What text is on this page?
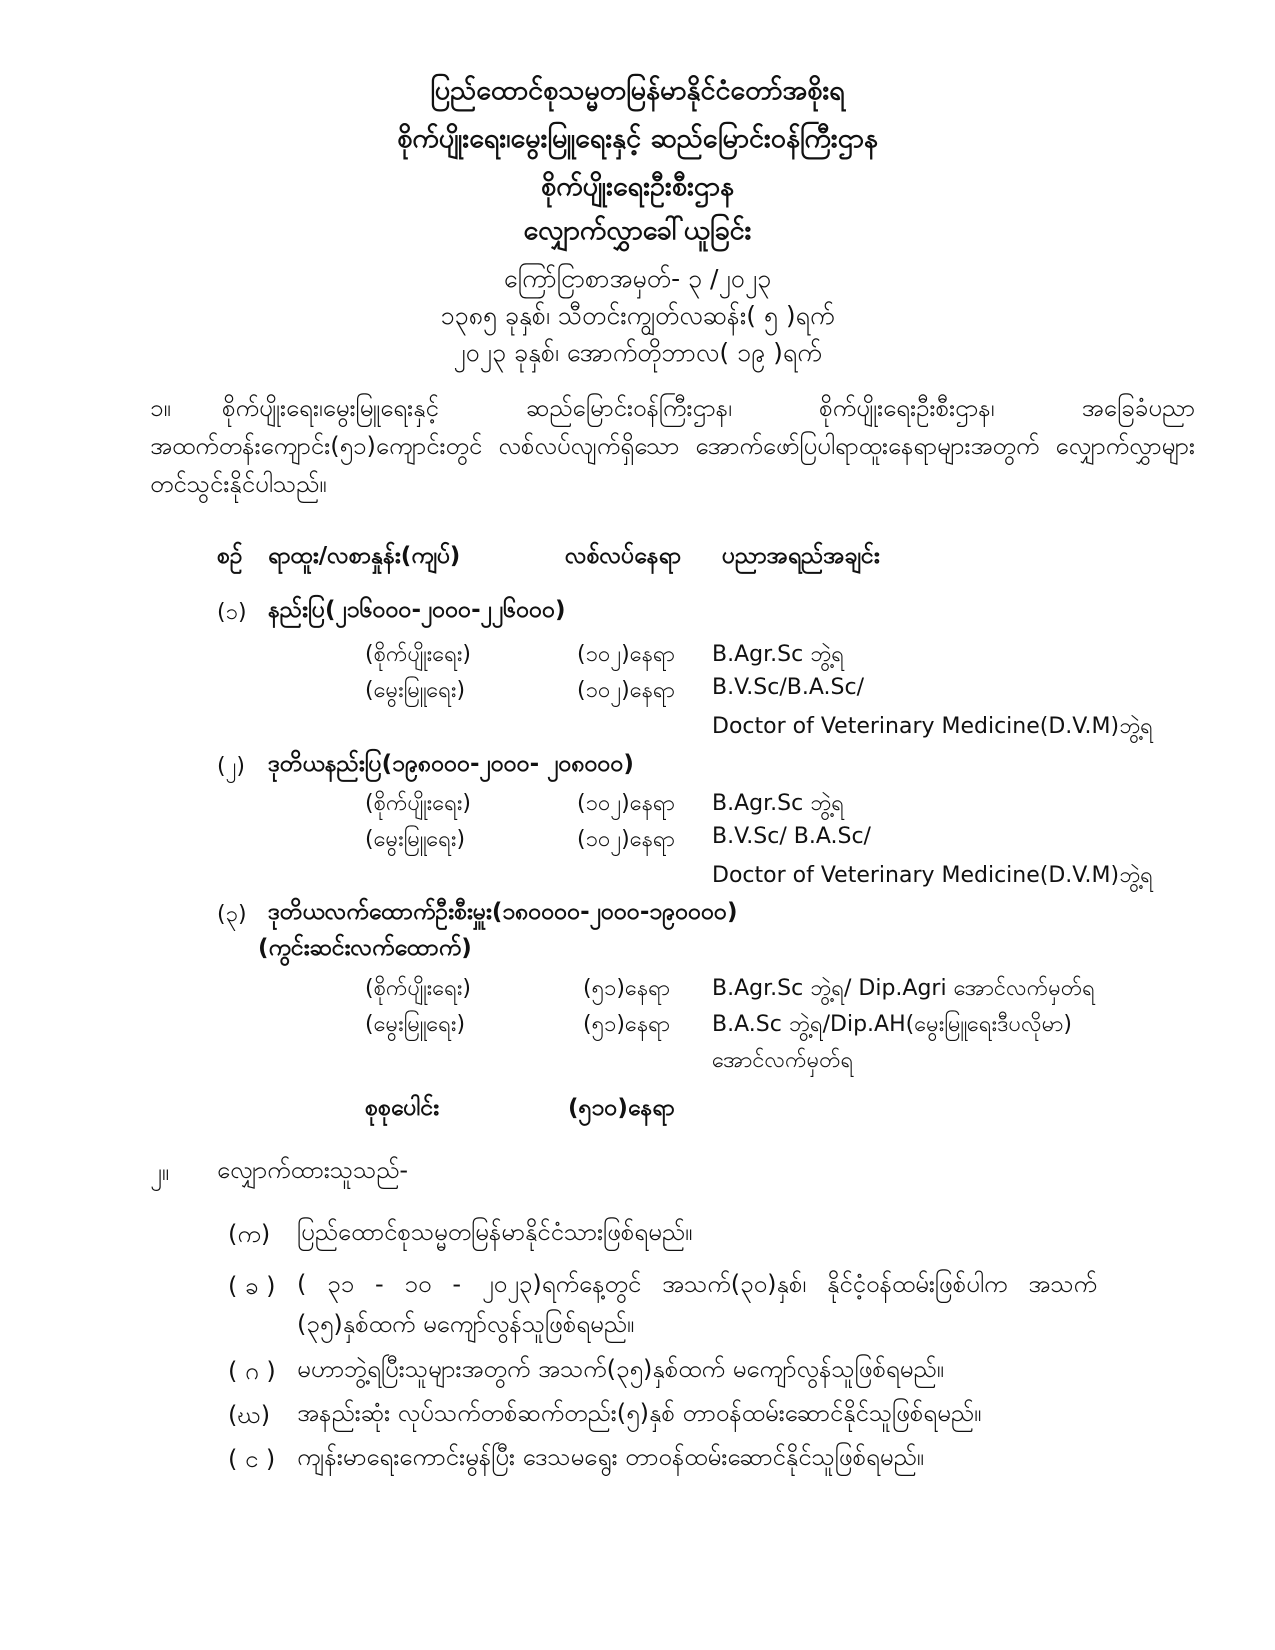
ပြည်ထောင်စုသမ္မတမြန်မာနိုင်ငံတော်အစိုးရ
စိုက်ပျိုးရေး၊မွေးမြူရေးနှင့် ဆည်မြောင်းဝန်ကြီးဌာန
စိုက်ပျိုးရေးဦးစီးဌာန
လျှောက်လွှာခေါ်ယူခြင်း
ကြော်ငြာစာအမှတ်- ၃ /၂၀၂၃
၁၃၈၅ ခုနှစ်၊ သီတင်းကျွတ်လဆန်း( ၅ )ရက်
၂၀၂၃ ခုနှစ်၊ အောက်တိုဘာလ( ၁၉ )ရက်
၁။ စိုက်ပျိုးရေး၊မွေးမြူရေးနှင့် ဆည်မြောင်းဝန်ကြီးဌာန၊ စိုက်ပျိုးရေးဦးစီးဌာန၊ အခြေခံပညာ အထက်တန်းကျောင်း(၅၁)ကျောင်းတွင် လစ်လပ်လျက်ရှိသော အောက်ဖော်ပြပါရာထူးနေရာများအတွက် လျှောက်လွှာများ တင်သွင်းနိုင်ပါသည်။
စဉ် ရာထူး/လစာနှုန်း(ကျပ်)	လစ်လပ်နေရာ ပညာအရည်အချင်း
(၁) နည်းပြ(၂၁၆၀၀၀-၂၀၀၀-၂၂၆၀၀၀)
(စိုက်ပျိုးရေး)	(၁၀၂)နေရာ B.Agr.Sc ဘွဲ့ရ
(မွေးမြူရေး)	(၁၀၂)နေရာ B.V.Sc/B.A.Sc/
Doctor of Veterinary Medicine(D.V.M)ဘွဲ့ရ
(၂) ဒုတိယနည်းပြ(၁၉၈၀၀၀-၂၀၀၀- ၂၀၈၀၀၀)
(စိုက်ပျိုးရေး)	(၁၀၂)နေရာ B.Agr.Sc ဘွဲ့ရ
(မွေးမြူရေး)	(၁၀၂)နေရာ B.V.Sc/ B.A.Sc/
Doctor of Veterinary Medicine(D.V.M)ဘွဲ့ရ
(၃) ဒုတိယလက်ထောက်ဦးစီးမှူး(၁၈၀၀၀၀-၂၀၀၀-၁၉၀၀၀၀)
(ကွင်းဆင်းလက်ထောက်)
(စိုက်ပျိုးရေး)	(၅၁)နေရာ B.Agr.Sc ဘွဲ့ရ/ Dip.Agri အောင်လက်မှတ်ရ
(မွေးမြူရေး)	(၅၁)နေရာ B.A.Sc ဘွဲ့ရ/Dip.AH(မွေးမြူရေးဒီပလိုမာ)
အောင်လက်မှတ်ရ
စုစုပေါင်း	(၅၁၀)နေရာ
၂။ လျှောက်ထားသူသည်-
(က) ပြည်ထောင်စုသမ္မတမြန်မာနိုင်ငံသားဖြစ်ရမည်။
( ခ ) ( ၃၁ - ၁၀ - ၂၀၂၃)ရက်နေ့တွင် အသက်(၃၀)နှစ်၊ နိုင်ငံ့ဝန်ထမ်းဖြစ်ပါက အသက်
(၃၅)နှစ်ထက် မကျော်လွန်သူဖြစ်ရမည်။
( ဂ ) မဟာဘွဲ့ရပြီးသူများအတွက် အသက်(၃၅)နှစ်ထက် မကျော်လွန်သူဖြစ်ရမည်။
(ဃ) အနည်းဆုံး လုပ်သက်တစ်ဆက်တည်း(၅)နှစ် တာဝန်ထမ်းဆောင်နိုင်သူဖြစ်ရမည်။
( င ) ကျန်းမာရေးကောင်းမွန်ပြီး ဒေသမရွေး တာဝန်ထမ်းဆောင်နိုင်သူဖြစ်ရမည်။
